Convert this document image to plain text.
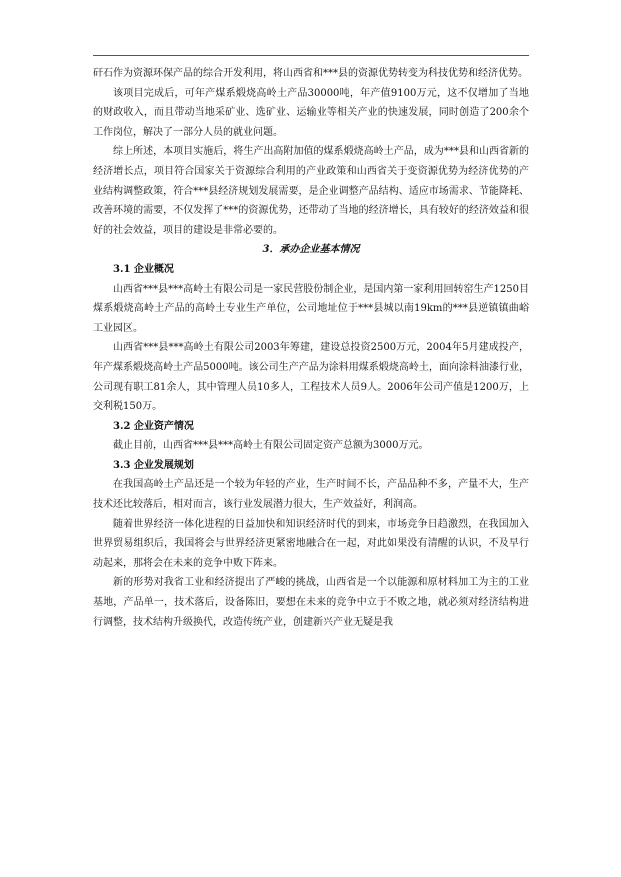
矸石作为资源环保产品的综合开发利用，将山西省和***县的资源优势转变为科技优势和经济优势。

该项目完成后，可年产煤系煅烧高岭土产品30000吨，年产值9100万元，这不仅增加了当地的财政收入，而且带动当地采矿业、选矿业、运输业等相关产业的快速发展，同时创造了200余个工作岗位，解决了一部分人员的就业问题。

综上所述，本项目实施后，将生产出高附加值的煤系煅烧高岭土产品，成为***县和山西省新的经济增长点，项目符合国家关于资源综合利用的产业政策和山西省关于变资源优势为经济优势的产业结构调整政策，符合***县经济规划发展需要，是企业调整产品结构、适应市场需求、节能降耗、改善环境的需要，不仅发挥了***的资源优势，还带动了当地的经济增长，具有较好的经济效益和很好的社会效益，项目的建设是非常必要的。

3．承办企业基本情况

3.1 企业概况

山西省***县***高岭土有限公司是一家民营股份制企业，是国内第一家利用回转窑生产1250目煤系煅烧高岭土产品的高岭土专业生产单位，公司地址位于***县城以南19km的***县逆镇镇曲峪工业园区。

山西省***县***高岭土有限公司2003年筹建，建设总投资2500万元，2004年5月建成投产，年产煤系煅烧高岭土产品5000吨。该公司生产产品为涂料用煤系煅烧高岭土，面向涂料油漆行业，公司现有职工81余人，其中管理人员10多人，工程技术人员9人。2006年公司产值是1200万，上交利税150万。

3.2 企业资产情况

截止目前，山西省***县***高岭土有限公司固定资产总额为3000万元。

3.3 企业发展规划

在我国高岭土产品还是一个较为年轻的产业，生产时间不长，产品品种不多，产量不大，生产技术还比较落后，相对而言，该行业发展潜力很大，生产效益好，利润高。

随着世界经济一体化进程的日益加快和知识经济时代的到来，市场竞争日趋激烈，在我国加入世界贸易组织后，我国将会与世界经济更紧密地融合在一起，对此如果没有清醒的认识，不及早行动起来，那将会在未来的竞争中败下阵来。

新的形势对我省工业和经济提出了严峻的挑战，山西省是一个以能源和原材料加工为主的工业基地，产品单一，技术落后，设备陈旧，要想在未来的竞争中立于不败之地，就必须对经济结构进行调整，技术结构升级换代，改造传统产业，创建新兴产业无疑是我
